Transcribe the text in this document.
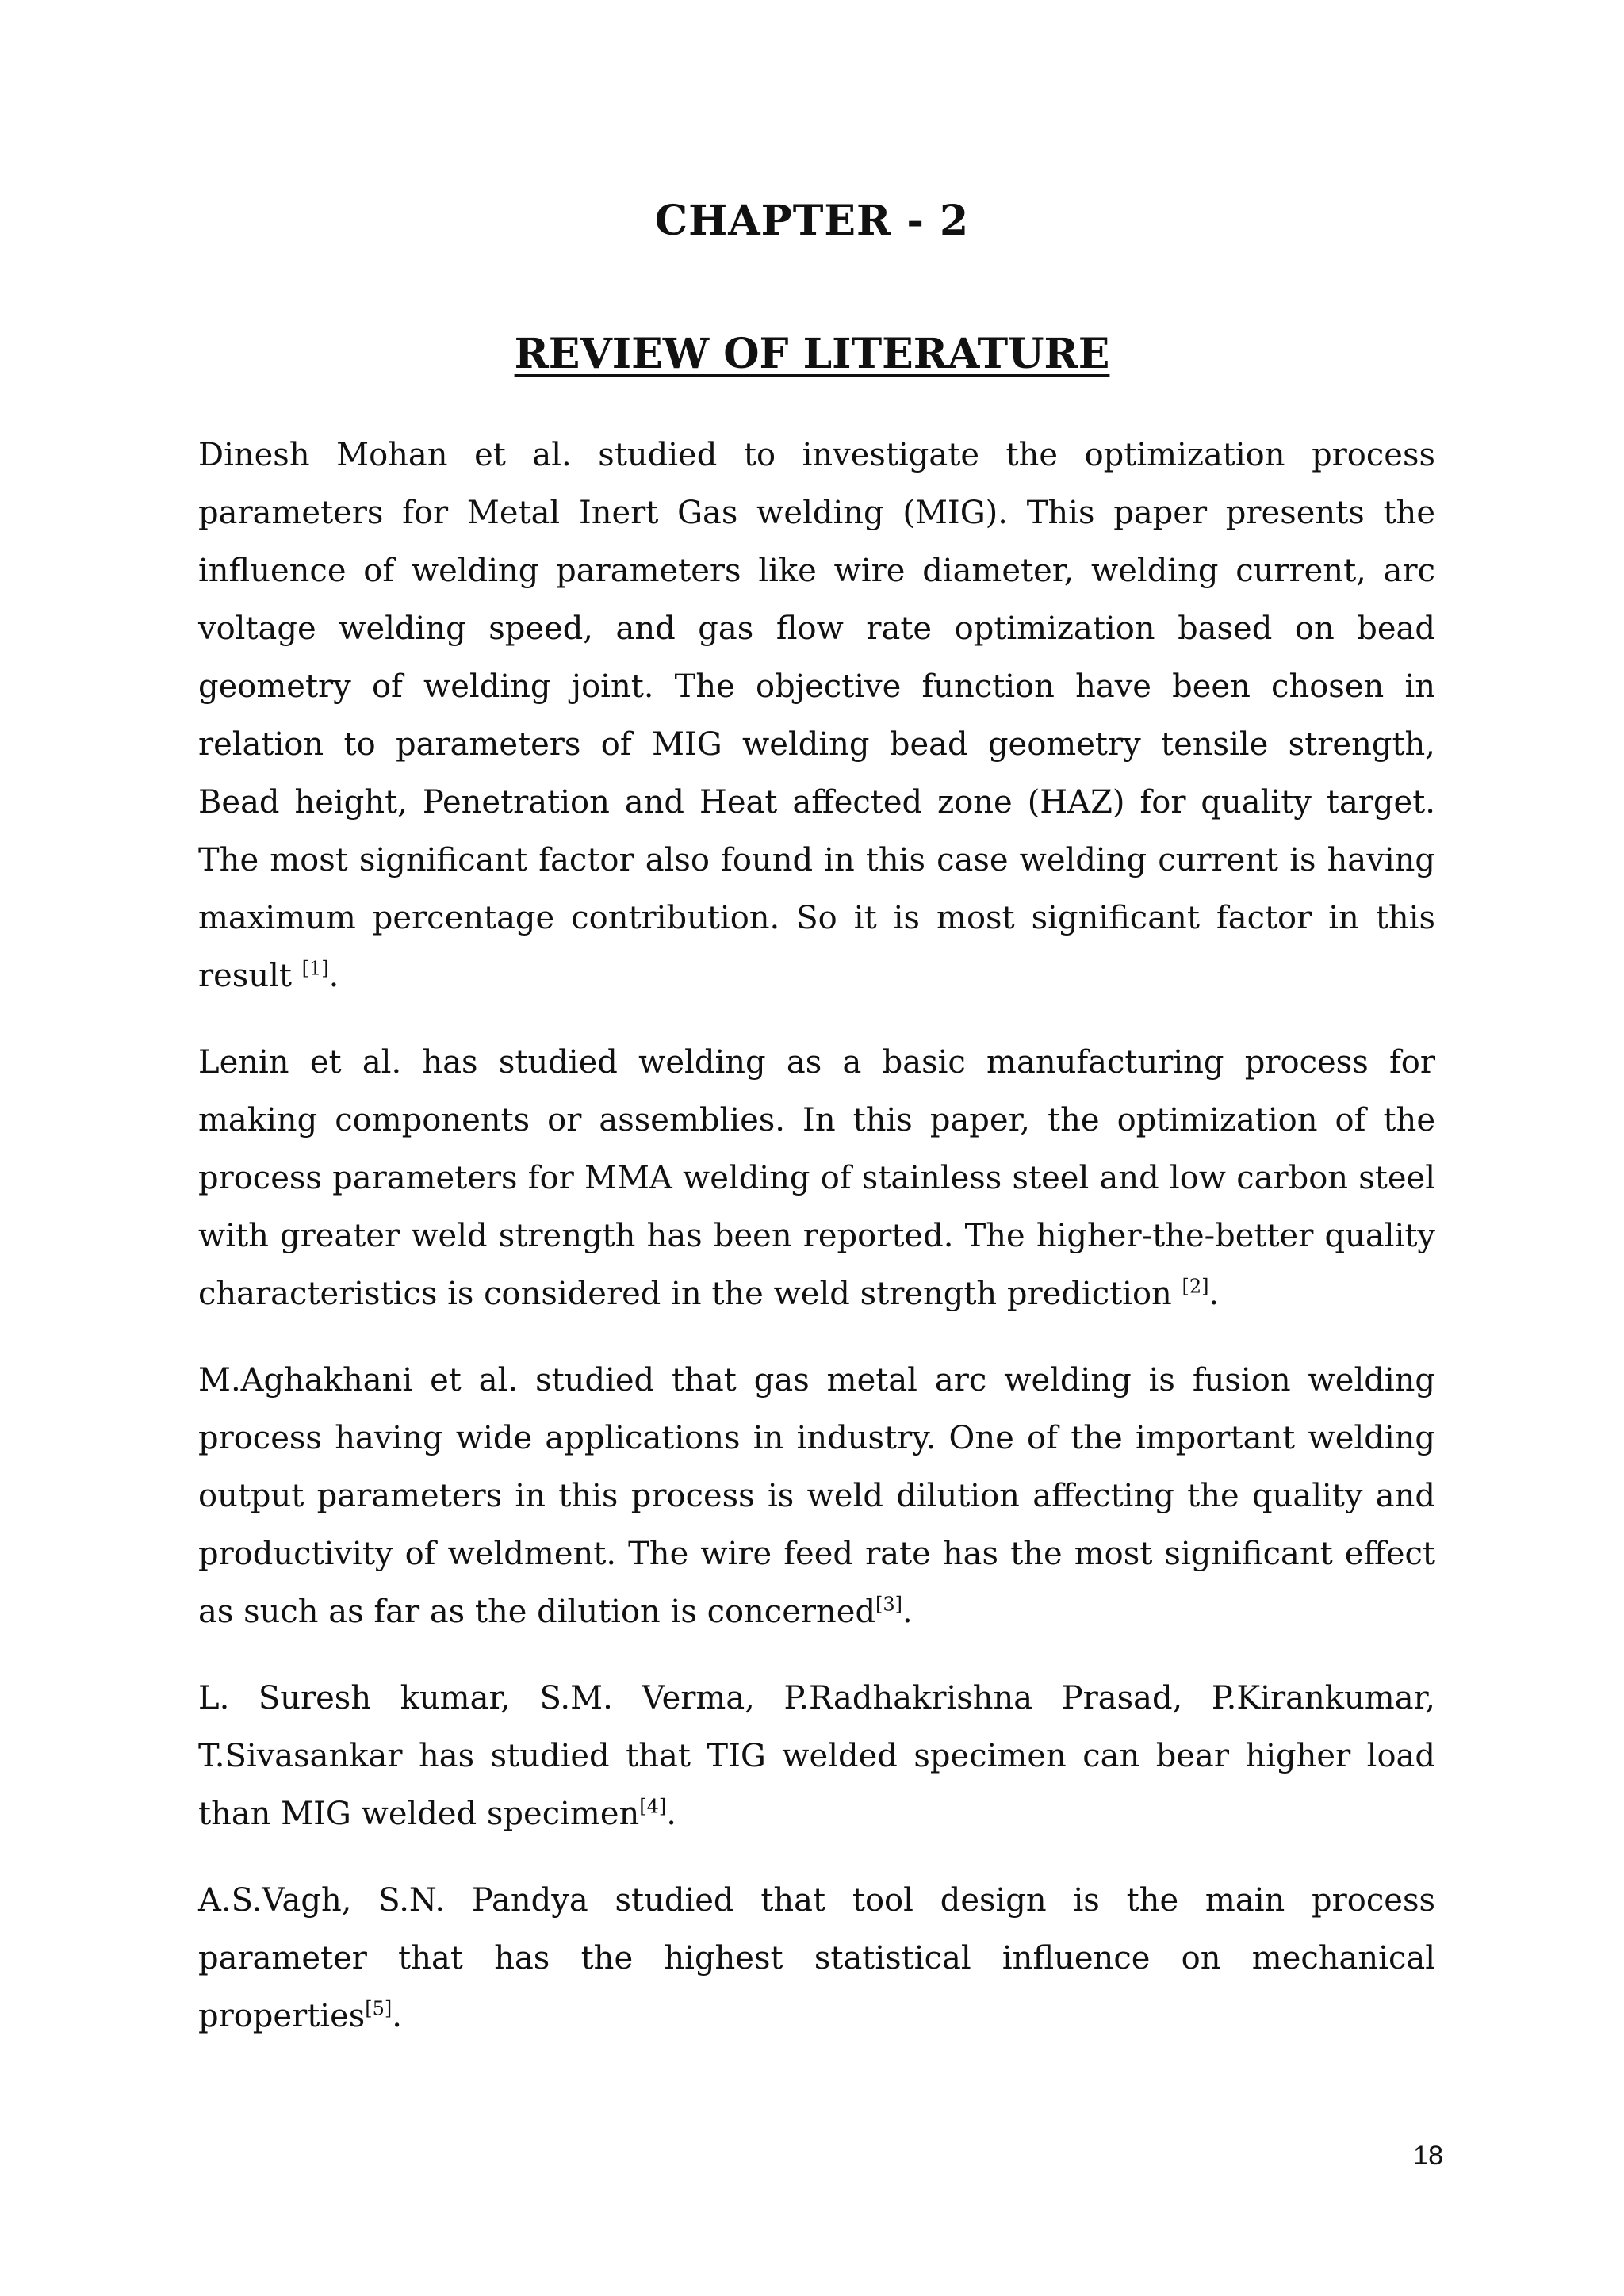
CHAPTER - 2
REVIEW OF LITERATURE

Dinesh Mohan et al. studied to investigate the optimization process parameters for Metal Inert Gas welding (MIG). This paper presents the influence of welding parameters like wire diameter, welding current, arc voltage welding speed, and gas flow rate optimization based on bead geometry of welding joint. The objective function have been chosen in relation to parameters of MIG welding bead geometry tensile strength, Bead height, Penetration and Heat affected zone (HAZ) for quality target. The most significant factor also found in this case welding current is having maximum percentage contribution. So it is most significant factor in this result [1].

Lenin et al. has studied welding as a basic manufacturing process for making components or assemblies. In this paper, the optimization of the process parameters for MMA welding of stainless steel and low carbon steel with greater weld strength has been reported. The higher-the-better quality characteristics is considered in the weld strength prediction [2].

M.Aghakhani et al. studied that gas metal arc welding is fusion welding process having wide applications in industry. One of the important welding output parameters in this process is weld dilution affecting the quality and productivity of weldment. The wire feed rate has the most significant effect as such as far as the dilution is concerned[3].

L. Suresh kumar, S.M. Verma, P.Radhakrishna Prasad, P.Kirankumar, T.Sivasankar has studied that TIG welded specimen can bear higher load than MIG welded specimen[4].

A.S.Vagh, S.N. Pandya studied that tool design is the main process parameter that has the highest statistical influence on mechanical properties[5].

18
